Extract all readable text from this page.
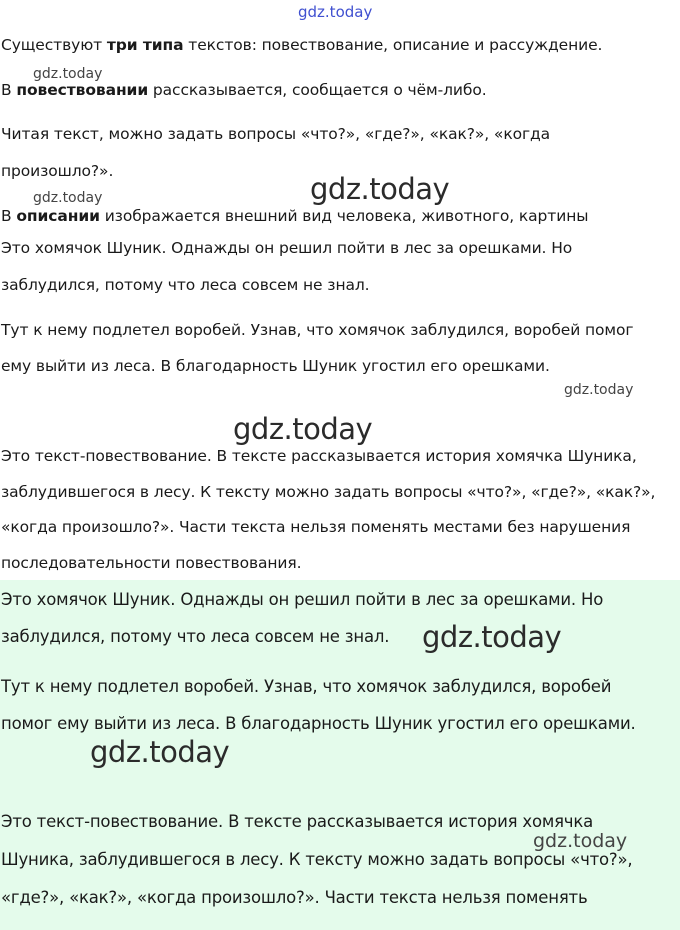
gdz.today
gdz.today
gdz.today	gdz.today
gdz.today
gdz.today

Существуют три типа текстов: повествование, описание и рассуждение.

В повествовании рассказывается, сообщается о чём-либо.

Читая текст, можно задать вопросы «что?», «где?», «как?», «когда

произошло?».

В описании изображается внешний вид человека, животного, картины

Это хомячок Шуник. Однажды он решил пойти в лес за орешками. Но

заблудился, потому что леса совсем не знал.

Тут к нему подлетел воробей. Узнав, что хомячок заблудился, воробей помог

ему выйти из леса. В благодарность Шуник угостил его орешками.

Это текст-повествование. В тексте рассказывается история хомячка Шуника,

заблудившегося в лесу. К тексту можно задать вопросы «что?», «где?», «как?»,

«когда произошло?». Части текста нельзя поменять местами без нарушения

последовательности повествования.

Это хомячок Шуник. Однажды он решил пойти в лес за орешками. Но

заблудился, потому что леса совсем не знал. gdz.today

Тут к нему подлетел воробей. Узнав, что хомячок заблудился, воробей

помог ему выйти из леса. В благодарность Шуник угостил его орешками.

gdz.today

Это текст-повествование. В тексте рассказывается история хомячка

gdz.today

Шуника, заблудившегося в лесу. К тексту можно задать вопросы «что?»,

«где?», «как?», «когда произошло?». Части текста нельзя поменять
